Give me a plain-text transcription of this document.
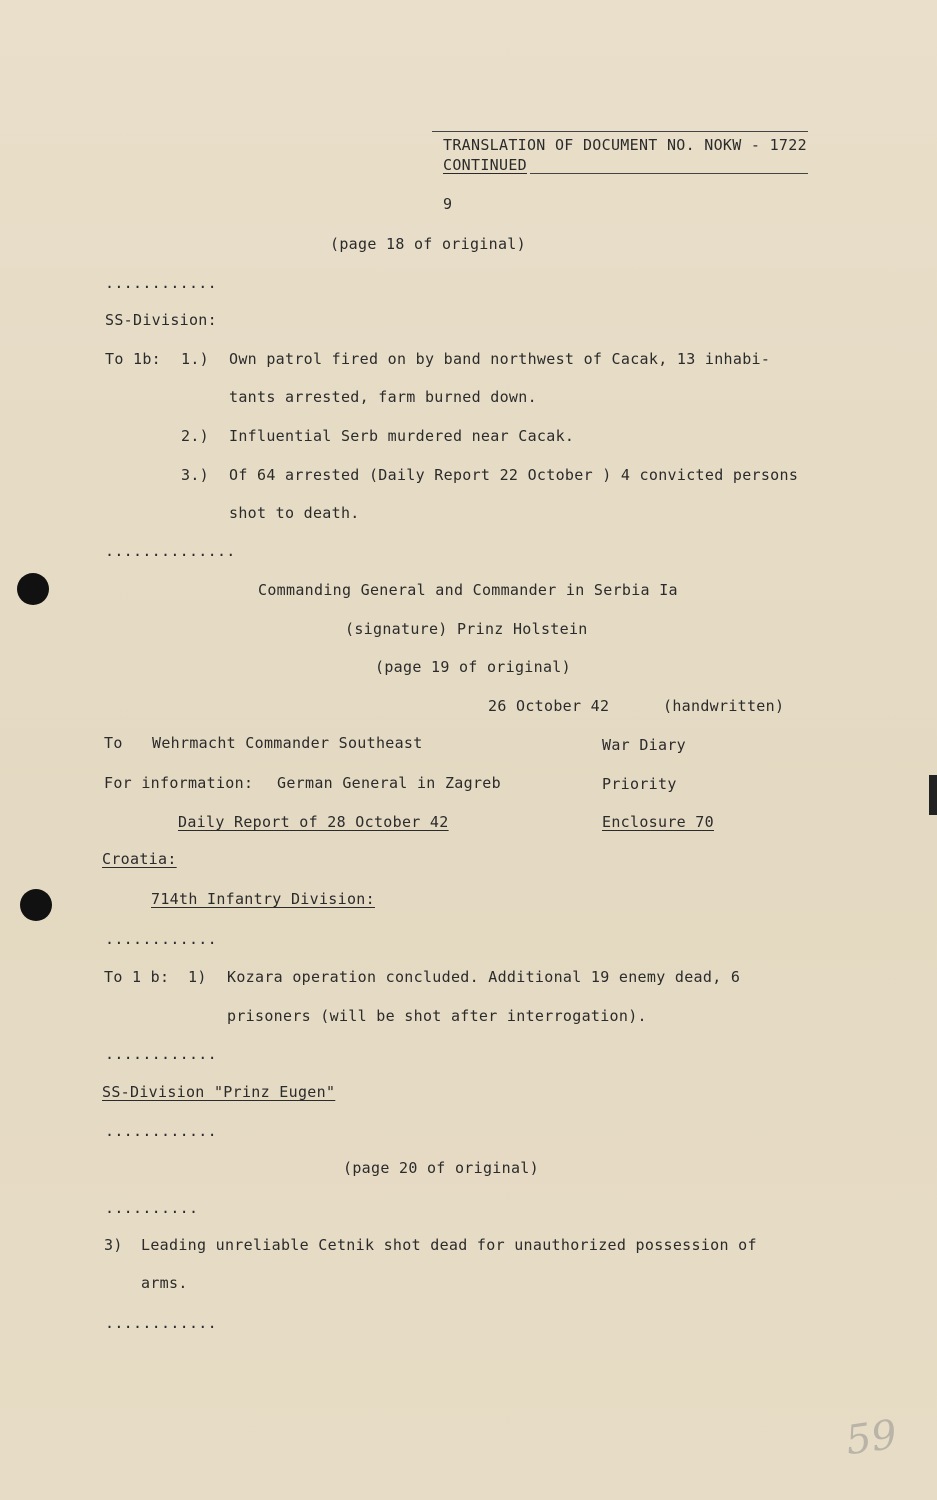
TRANSLATION OF DOCUMENT NO. NOKW - 1722
CONTINUED
9
(page 18 of original)
............
SS-Division:
To 1b: 1.) Own patrol fired on by band northwest of Cacak, 13 inhabi-
tants arrested, farm burned down.
2.) Influential Serb murdered near Cacak.
3.) Of 64 arrested (Daily Report 22 October ) 4 convicted persons
shot to death.
..............
Commanding General and Commander in Serbia Ia
(signature) Prinz Holstein
(page 19 of original)
26 October 42	(handwritten)
To Wehrmacht Commander Southeast	War Diary
For information: German General in Zagreb	Priority
Daily Report of 28 October 42	Enclosure 70
Croatia:
714th Infantry Division:
............
To 1 b: 1) Kozara operation concluded. Additional 19 enemy dead, 6
prisoners (will be shot after interrogation).
............
SS-Division "Prinz Eugen"
............
(page 20 of original)
..........
3) Leading unreliable Cetnik shot dead for unauthorized possession of
arms.
............
59
